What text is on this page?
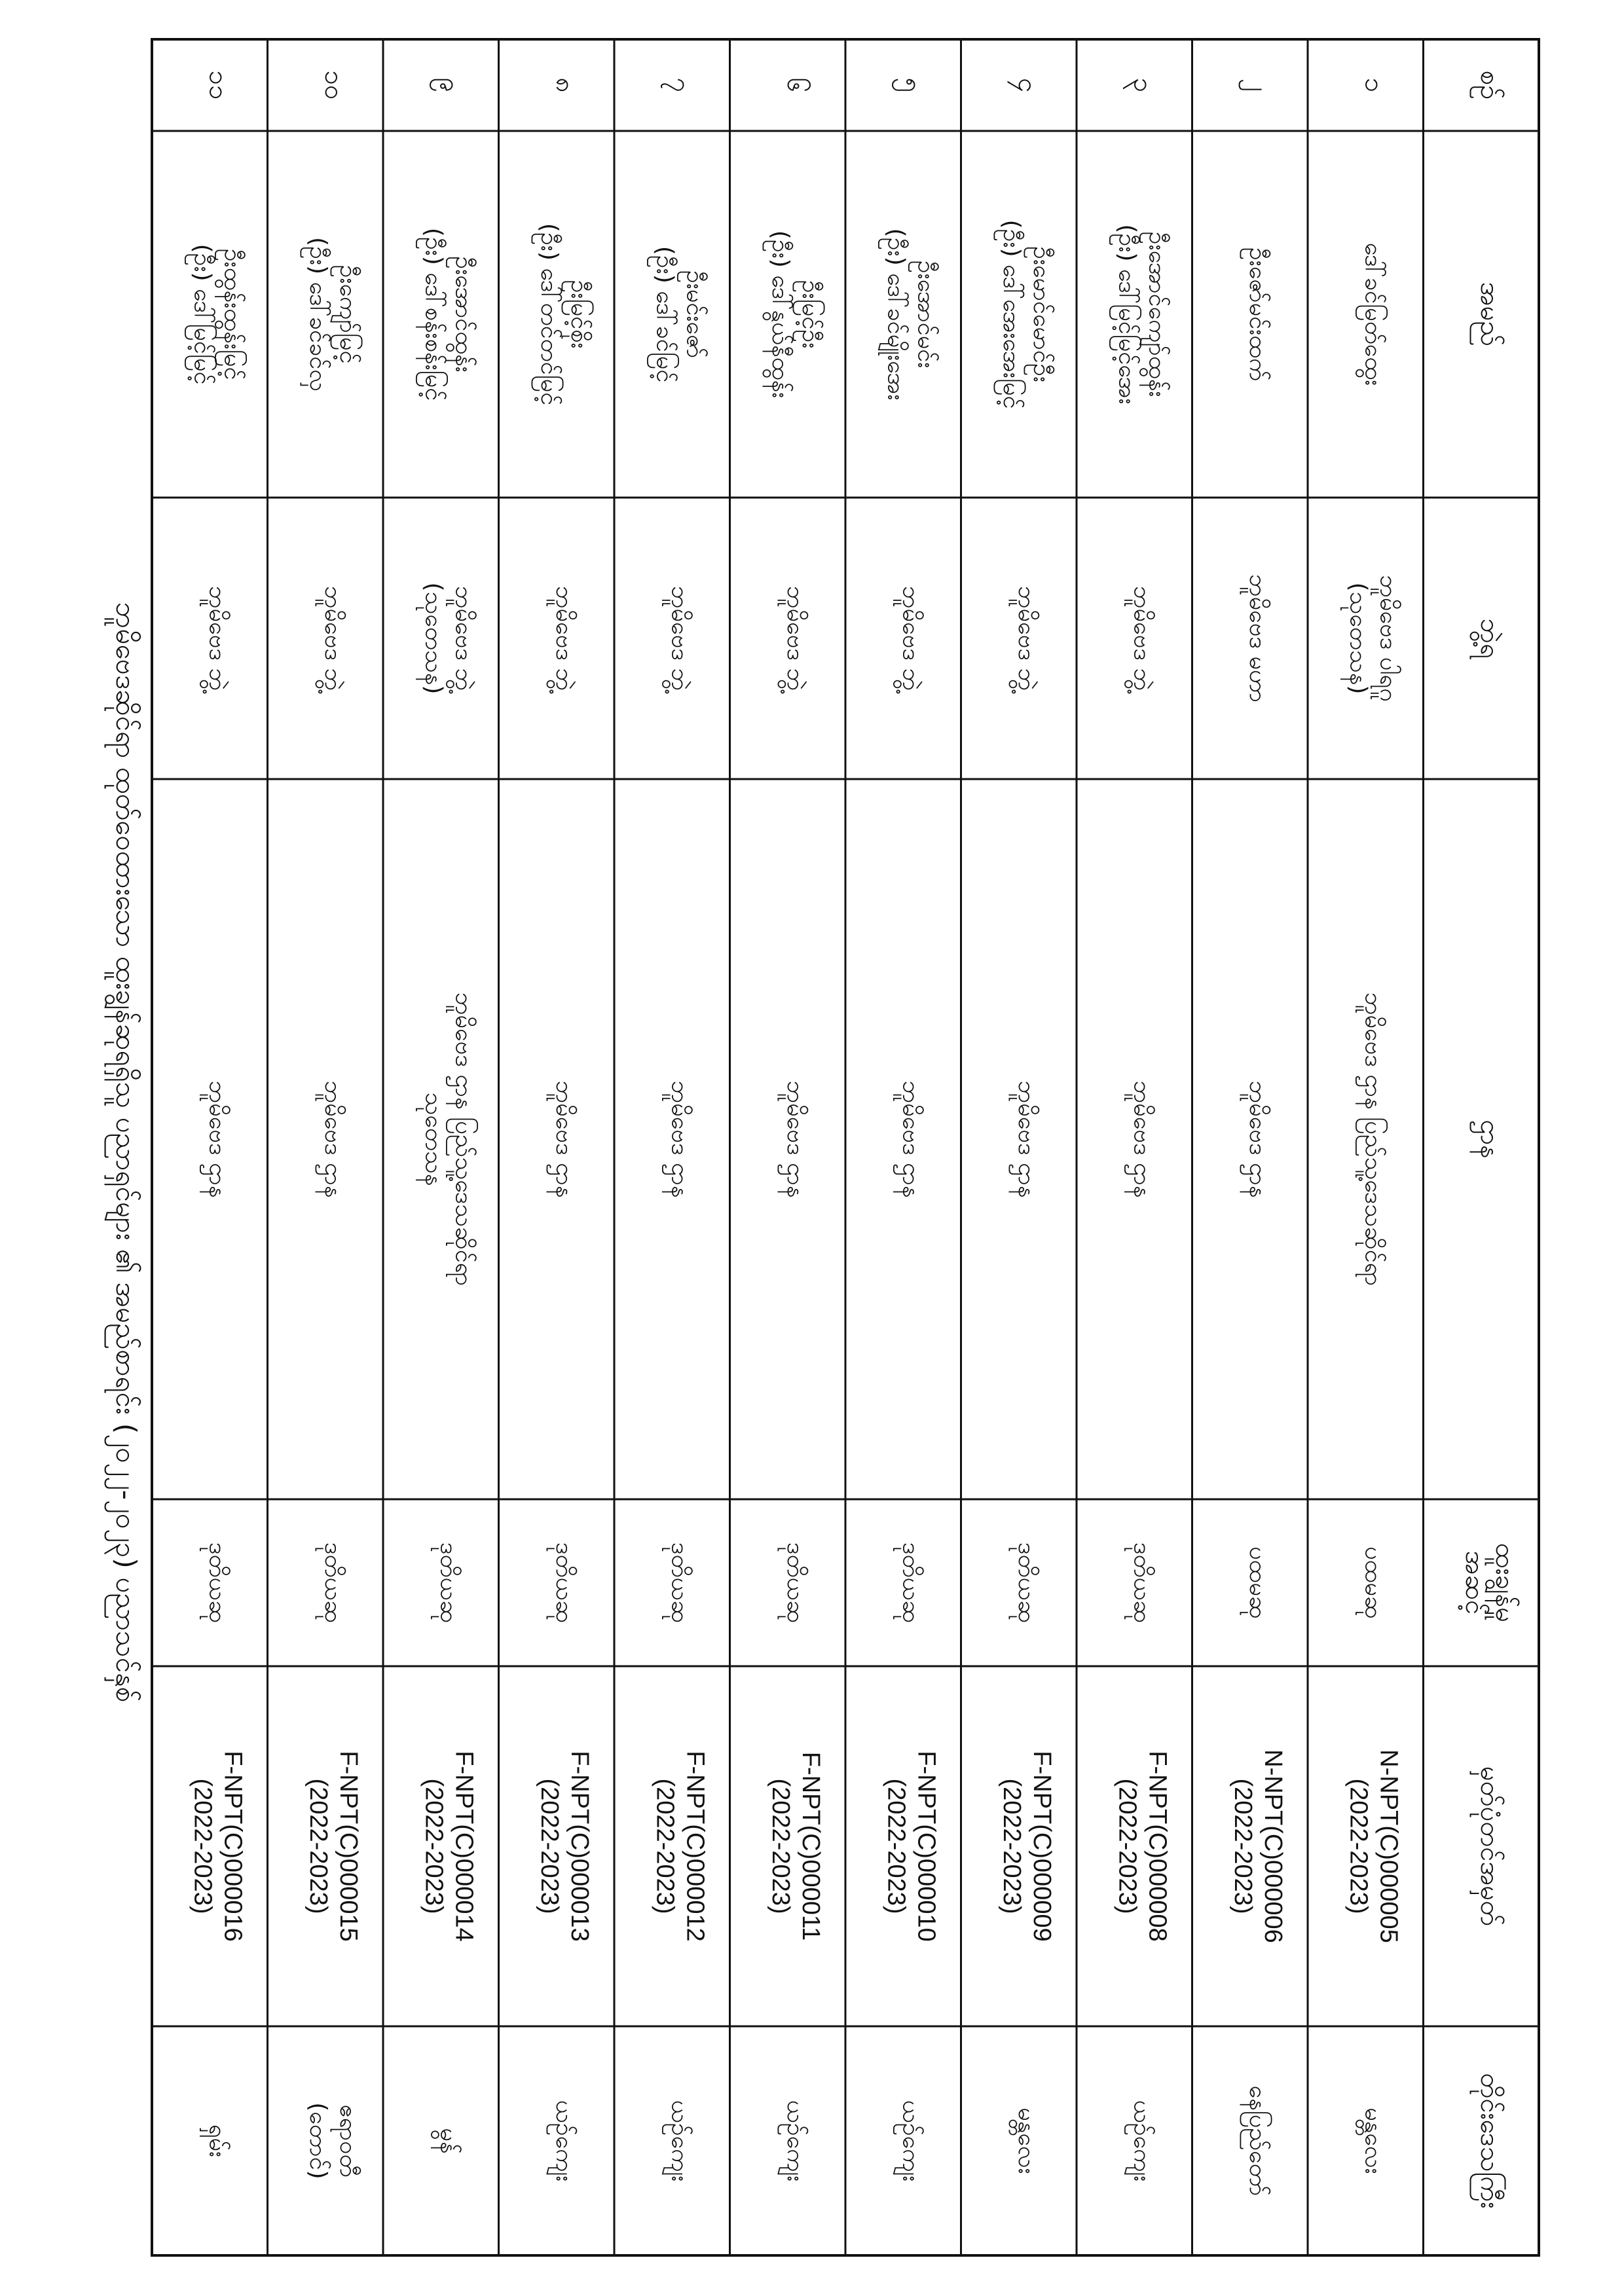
ဘူမိဗေဒဆိုင်ရာ ထုတ်ဝေထားသော ထူးချွန်ဆုရရှိသူ ပညာရှင်များ ၏ အမည်စာရင်း (၂၀၂၂-၂၀၂၃) ပညာသင်နှစ်
စဉ်
အမည်
ဘွဲ့ရ
ဌာန
ထူးချွန်မှုအဆင့်
မှတ်ပုံတင်အမှတ်
တိုင်းဒေသကြီး
၁
ဒေါ်ခင်မြတ်ထွေး
ဘူမိဗေဒ ပါရဂူ(သုတေသန)
ဘူမိဗေဒ ဌာန ပြည်သူ့ဒေသဆိုင်ရာ
ပထမဆု
N-NPT(C)000005(2022-2023)
မန္တလေး
၂
ဦးဇော်မင်းထက်
ဘူမိဗေဒ မဟာ
ဘူမိဗေဒ ဌာန
ပထမဆု
N-NPT(C)000006(2022-2023)
နေပြည်တော်
၃
ဦးအောင်ကျော်ထွန်း(ဦး) ဒေါ်မြင့်မြင့်အေး
ဘူမိဗေဒ ဘွဲ့
ဘူမိဗေဒ ဌာန
ဒုတိယဆု
F-NPT(C)000008(2022-2023)
ယဉ်ကျေး
၄
ဦးမောင်မောင်ဦး(ဦး) ဒေါ်အေးအေးမြင့်
ဘူမိဗေဒ ဘွဲ့
ဘူမိဗေဒ ဌာန
ဒုတိယဆု
F-NPT(C)000009(2022-2023)
မန္တလေး
၅
ဦးအောင်မင်း(ဦး) ဒေါ်ခင်မျိုးအေး
ဘူမိဗေဒ ဘွဲ့
ဘူမိဗေဒ ဌာန
ဒုတိယဆု
F-NPT(C)000010(2022-2023)
ယဉ်ကျေး
၆
ဦးမြင့်ဦး(ဦး) ဒေါ်နွယ်နီထွန်း
ဘူမိဗေဒ ဘွဲ့
ဘူမိဗေဒ ဌာန
ဒုတိယဆု
F-NPT(C)000011(2022-2023)
ယဉ်ကျေး
၇
ဦးမင်းဇော်(ဦး) ဒေါ်ခင်မြင့်
ဘူမိဗေဒ ဘွဲ့
ဘူမိဗေဒ ဌာန
ဒုတိယဆု
F-NPT(C)000012(2022-2023)
ယဉ်ကျေး
၈
ဦးမြင့်စိုး(ဦး) ဒေါ်တင်တင်မြင့်
ဘူမိဗေဒ ဘွဲ့
ဘူမိဗေဒ ဌာန
ဒုတိယဆု
F-NPT(C)000013(2022-2023)
ယဉ်ကျေး
၉
ဦးအောင်ထွန်း(ဦး) ဒေါ်စန်းစန်းမြင့်
ဘူမိဗေဒ ဘွဲ့(သုတေသန)
ဘူမိဗေဒ ဌာန ပြည်သူ့ဒေသဆိုင်ရာသုတေသန
ဒုတိယဆု
F-NPT(C)000014(2022-2023)
မွန်
၁၀
ဦးကျော်မြင့်(ဦး) ဒေါ်ခင်ခင်လှ
ဘူမိဗေဒ ဘွဲ့
ဘူမိဗေဒ ဌာန
ဒုတိယဆု
F-NPT(C)000015(2022-2023)
ဧရာဝတီ(တောင်)
၁၁
ဦးထွန်းထွန်းမြင့်(ဦး) ဒေါ်မြင့်မြင့်
ဘူမိဗေဒ ဘွဲ့
ဘူမိဗေဒ ဌာန
ဒုတိယဆု
F-NPT(C)000016(2022-2023)
ရှမ်း
